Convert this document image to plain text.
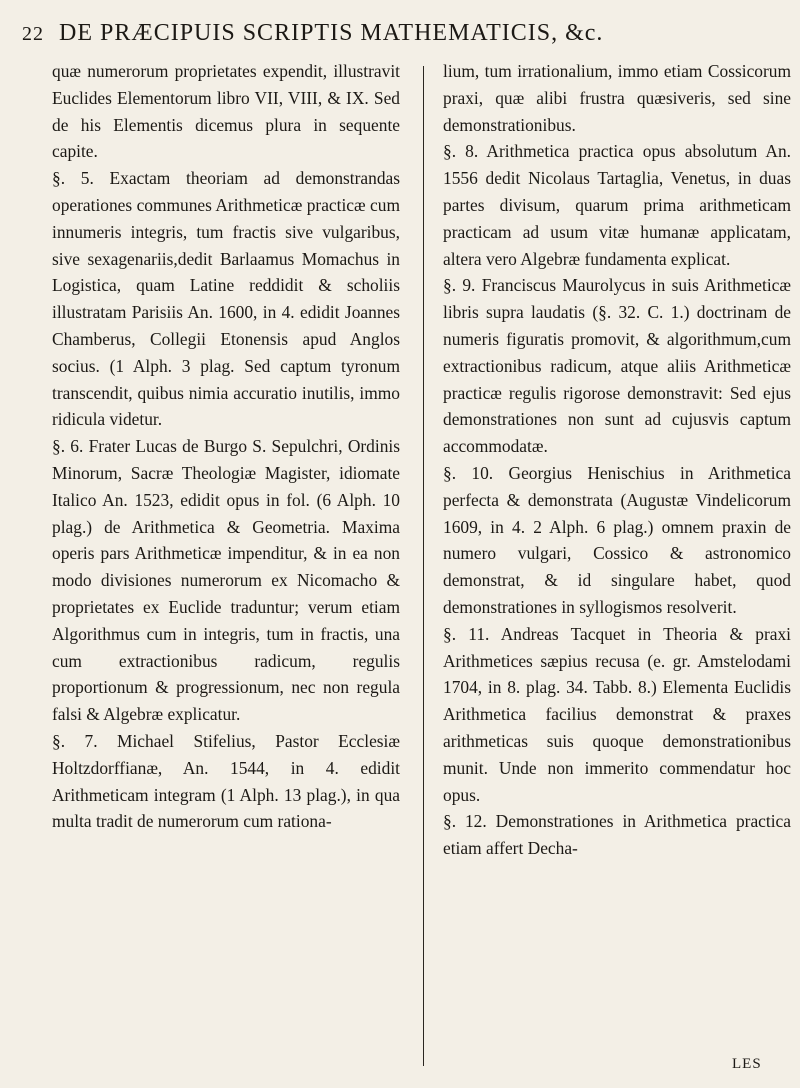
22 DE PRÆCIPUIS SCRIPTIS MATHEMATICIS, &c.

quæ numerorum proprietates expendit, illustravit Euclides Elementorum libro VII, VIII, & IX. Sed de his Elementis dicemus plura in sequente capite.

§. 5. Exactam theoriam ad demonstrandas operationes communes Arithmeticæ practicæ cum innumeris integris, tum fractis sive vulgaribus, sive sexagenariis,dedit Barlaamus Momachus in Logistica, quam Latine reddidit & scholiis illustratam Parisiis An. 1600, in 4. edidit Joannes Chamberus, Collegii Etonensis apud Anglos socius. (1 Alph. 3 plag. Sed captum tyronum transcendit, quibus nimia accuratio inutilis, immo ridicula videtur.

§. 6. Frater Lucas de Burgo S. Sepulchri, Ordinis Minorum, Sacræ Theologiæ Magister, idiomate Italico An. 1523, edidit opus in fol. (6 Alph. 10 plag.) de Arithmetica & Geometria. Maxima operis pars Arithmeticæ impenditur, & in ea non modo divisiones numerorum ex Nicomacho & proprietates ex Euclide traduntur; verum etiam Algorithmus cum in integris, tum in fractis, una cum extractionibus radicum, regulis proportionum & progressionum, nec non regula falsi & Algebræ explicatur.

§. 7. Michael Stifelius, Pastor Ecclesiæ Holtzdorffianæ, An. 1544, in 4. edidit Arithmeticam integram (1 Alph. 13 plag.), in qua multa tradit de numerorum cum rationa-

lium, tum irrationalium, immo etiam Cossicorum praxi, quæ alibi frustra quæsiveris, sed sine demonstrationibus.

§. 8. Arithmetica practica opus absolutum An. 1556 dedit Nicolaus Tartaglia, Venetus, in duas partes divisum, quarum prima arithmeticam practicam ad usum vitæ humanæ applicatam, altera vero Algebræ fundamenta explicat.

§. 9. Franciscus Maurolycus in suis Arithmeticæ libris supra laudatis (§. 32. C. 1.) doctrinam de numeris figuratis promovit, & algorithmum,cum extractionibus radicum, atque aliis Arithmeticæ practicæ regulis rigorose demonstravit: Sed ejus demonstrationes non sunt ad cujusvis captum accommodatæ.

§. 10. Georgius Henischius in Arithmetica perfecta & demonstrata (Augustæ Vindelicorum 1609, in 4. 2 Alph. 6 plag.) omnem praxin de numero vulgari, Cossico & astronomico demonstrat, & id singulare habet, quod demonstrationes in syllogismos resolverit.

§. 11. Andreas Tacquet in Theoria & praxi Arithmetices sæpius recusa (e. gr. Amstelodami 1704, in 8. plag. 34. Tabb. 8.) Elementa Euclidis Arithmetica facilius demonstrat & praxes arithmeticas suis quoque demonstrationibus munit. Unde non immerito commendatur hoc opus.

§. 12. Demonstrationes in Arithmetica practica etiam affert Decha-

LES
